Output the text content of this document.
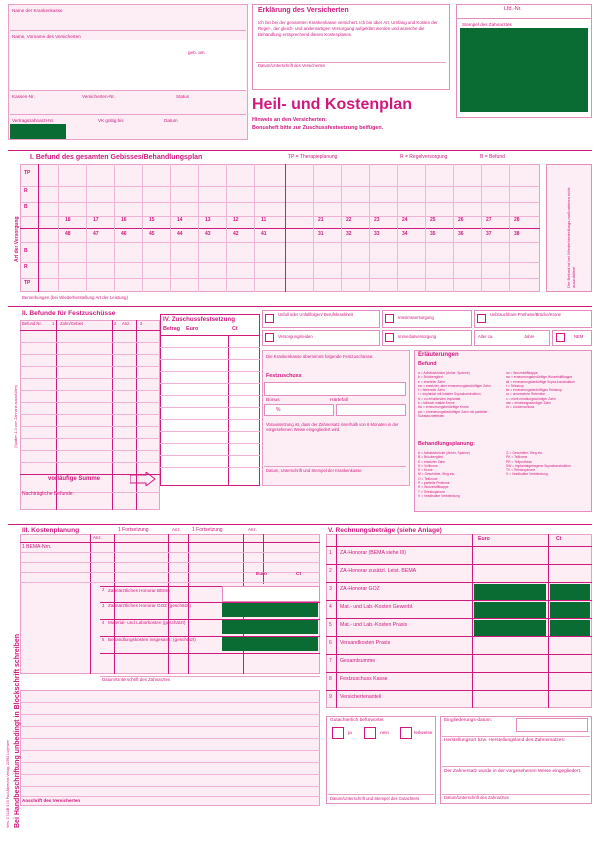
Name der Krankenkasse
Name, Vorname des Versicherten
geb. am
Kassen-Nr.	Versicherten-Nr.	Status
Vertragszahnarzt-Nr.	VK gültig bis	Datum
Erklärung des Versicherten
Ich bin bei der genannten Krankenkasse versichert. Ich bin über Art, Umfang und Kosten der Regel-, der gleich- und andersartigen Versorgung aufgeklärt worden und wünsche die Behandlung entsprechend dieses Kostenplanes.
Datum/Unterschrift des Versicherten
Lfd.-Nr.
Stempel des Zahnarztes
Heil- und Kostenplan
Hinweis an den Versicherten:
Bonusheft bitte zur Zuschussfestsetzung beifügen.
I. Befund des gesamten Gebisses/Behandlungsplan	TP = Therapieplanung	R = Regelversorgung	B = Befund
Art der Versorgung
TP
R
B
B
R
TP
18	17	16	15	14	13	12	11	21	22	23	24	25	26	27	28
48	47	46	45	44	43	42	41	31	32	33	34	35	36	37	38	Der Befund ist bei Wiederherstellungs-maßnahmen nicht auszufüllen!
Bemerkungen (bei Wiederherstellung Art der Leistung)
II. Befunde für Festzuschüsse
Befund Nr. 1 Zahn/Gebiet	2 Anz. 3
(Spalten 1-3 vom Zahnarzt auszufüllen)
vorläufige Summe
Nachträgliche Befunde:
IV. Zuschussfestsetzung
Betrag Euro	Ct
Die Krankenkasse übernimmt folgende Festzuschüsse:
Festzuschuss
Bonus	Härtefall
%
Voraussetzung ist, dass der Zahnersatz innerhalb von 6 Monaten in der vorgesehenen Weise eingegliedert wird.
Datum, Unterschrift und Stempel der Krankenkasse
Unfall oder Unfallfolgen/ Berufskrankheit
Interimsversorgung
Unbrauchbare Prothese/Brücke/Krone
Versorgungsleiden	Immediatversorgung	Alter ca.	Jahre	NEM
Erläuterungen
Befund
a = Adhäsivbrücke (Anker, Spanne)
b = Brückenglied
e = ersetzter Zahn
ew = ersetzter, aber erneuerungsbedürftiger Zahn
f = fehlender Zahn
i = Implantat mit intakter Suprakonstruktion
ix = zu erhaltendes Implantat
k = klinisch intakte Krone
kw = erneuerungsbedürftige Krone
pw = erneuerungsbedürftiger Zahn mit partieller Substanzdefekten
rw = Wurzelstiftkappe
sw = erneuerungsbedürftige Wurzelstiftkappe
sk = erneuerungsbedürftige Supra-konstruktion
t = Teleskop
tw = erneuerungsbedürftiges Teleskop
ur = unversehrte Retention
x = nicht erhaltungswürdiger Zahn
ww = erhaltungswürdiger Zahn
ür = Lückenschluss
Behandlungsplanung:
A = Adhäsivbrücke (Anker, Spanne)
B = Brückenglied
E = ersetzter Zahn
H = Vollkrone
K = Krone
M = Geschiebe, Steg etc.
O = Teilkrone
P = partielle Prothese
R = Wurzelstiftkappe
T = Teleskopkrone
V = Vestibuläre Verblendung
G = Geschiebe, Steg etc.
PK = Teilkrone
PR = Teilprothese
SW = implantatgetragene Suprakonstruktion
TV = Teleskopkrone
V = Vestibuläre Verblendung
III. Kostenplanung	1 Fortsetzung	Anz. 1 Fortsetzung	Anz.
1 BEMA-Nrn.
Anz.
Euro	Ct
2 Zahnärztliches Honorar BEMA
3 Zahnärztliches Honorar GOZ (geschätzt)
4 Material- und Laborkosten (geschätzt)
5 Behandlungskosten insgesamt: (geschätzt)
Datum/Unterschrift des Zahnarztes
Anschrift des Versicherten
V. Rechnungsbeträge (siehe Anlage)
Euro	Ct
1 ZA-Honorar (BEMA siehe III)
2 ZA-Honorar zusätzl. Leist. BEMA
3 ZA-Honorar GOZ
4 Mat.- und Lab.-Kosten Gewerbl.
5 Mat.- und Lab.-Kosten Praxis
6 Versandkosten Praxis
7 Gesamtsumme
8 Festzuschuss Kasse
9 Versichertenanteil
Gutachterlich befürwortet
ja	nein	teilweise
Datum/Unterschrift und Stempel des Gutachters
Eingliederungs-datum:
Herstellungsort bzw. Herstellungsland des Zahnersatzes:
Der Zahnersatz wurde in der vorgesehenen Weise eingegliedert.
Datum/Unterschrift des Zahnarztes
Bei Handbeschriftung unbedingt in Blockschrift schreiben
Vers. Z 311/B 5.05 Paul Albrechts Verlag, 22952 Lütjensee
